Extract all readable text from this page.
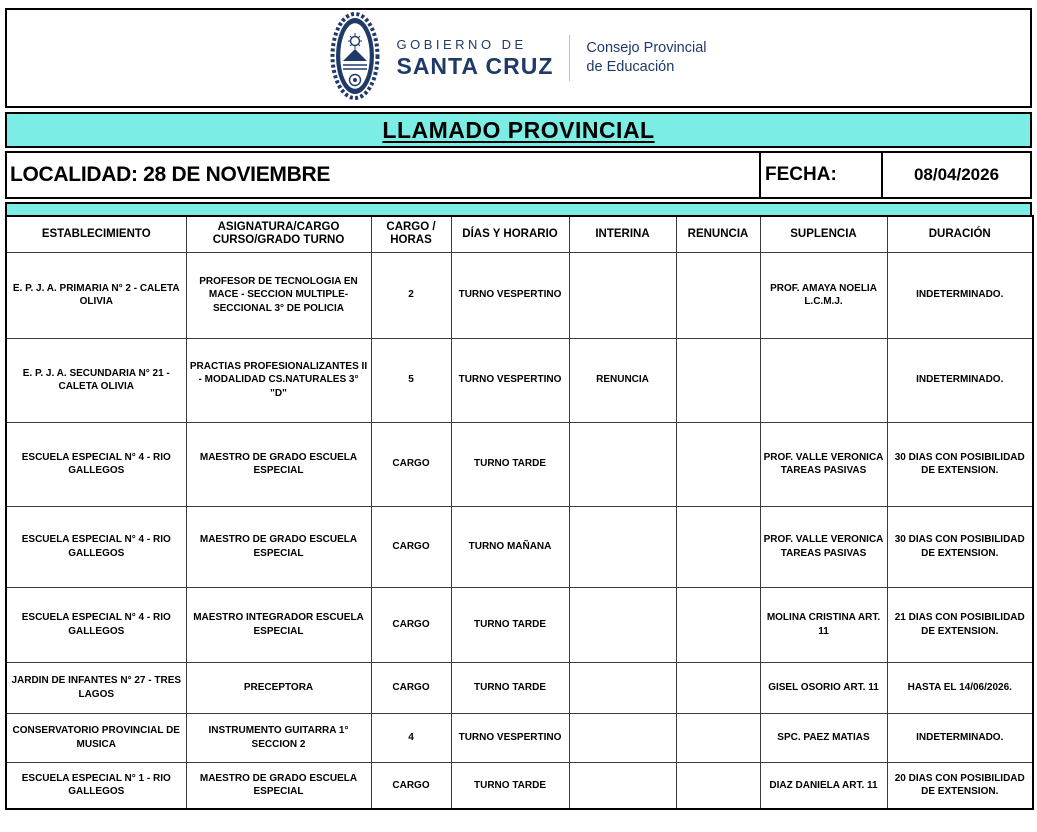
GOBIERNO DE
SANTA CRUZ
Consejo Provincial
de Educación
LLAMADO PROVINCIAL
LOCALIDAD: 28 DE NOVIEMBRE	FECHA:	08/04/2026
ESTABLECIMIENTO	ASIGNATURA/CARGO CURSO/GRADO TURNO	CARGO / HORAS	DÍAS Y HORARIO	INTERINA	RENUNCIA	SUPLENCIA	DURACIÓN
E. P. J. A. PRIMARIA N° 2 - CALETA OLIVIA	PROFESOR DE TECNOLOGIA EN MACE - SECCION MULTIPLE- SECCIONAL 3° DE POLICIA	2	TURNO VESPERTINO			PROF. AMAYA NOELIA L.C.M.J.	INDETERMINADO.
E. P. J. A. SECUNDARIA N° 21 - CALETA OLIVIA	PRACTIAS PROFESIONALIZANTES II - MODALIDAD CS.NATURALES 3° "D"	5	TURNO VESPERTINO	RENUNCIA			INDETERMINADO.
ESCUELA ESPECIAL N° 4 - RIO GALLEGOS	MAESTRO DE GRADO ESCUELA ESPECIAL	CARGO	TURNO TARDE			PROF. VALLE VERONICA TAREAS PASIVAS	30 DIAS CON POSIBILIDAD DE EXTENSION.
ESCUELA ESPECIAL N° 4 - RIO GALLEGOS	MAESTRO DE GRADO ESCUELA ESPECIAL	CARGO	TURNO MAÑANA			PROF. VALLE VERONICA TAREAS PASIVAS	30 DIAS CON POSIBILIDAD DE EXTENSION.
ESCUELA ESPECIAL N° 4 - RIO GALLEGOS	MAESTRO INTEGRADOR ESCUELA ESPECIAL	CARGO	TURNO TARDE			MOLINA CRISTINA ART. 11	21 DIAS CON POSIBILIDAD DE EXTENSION.
JARDIN DE INFANTES N° 27 - TRES LAGOS	PRECEPTORA	CARGO	TURNO TARDE			GISEL OSORIO ART. 11	HASTA EL 14/06/2026.
CONSERVATORIO PROVINCIAL DE MUSICA	INSTRUMENTO GUITARRA 1° SECCION 2	4	TURNO VESPERTINO			SPC. PAEZ MATIAS	INDETERMINADO.
ESCUELA ESPECIAL N° 1 - RIO GALLEGOS	MAESTRO DE GRADO ESCUELA ESPECIAL	CARGO	TURNO TARDE			DIAZ DANIELA ART. 11	20 DIAS CON POSIBILIDAD DE EXTENSION.
